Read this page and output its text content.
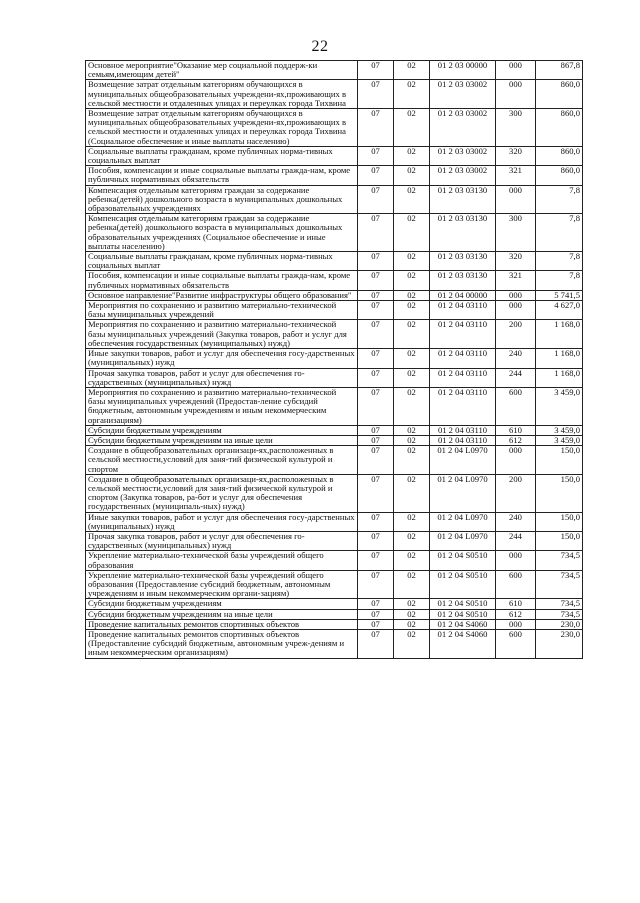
22
Основное мероприятие"Оказание мер социальной поддерж-ки семьям,имеющим детей"	07	02	01 2 03 00000	000	867,8
Возмещение затрат отдельным категориям обучающихся в муниципальных общеобразовательных учреждени-ях,проживающих в сельской местности и отдаленных улицах и переулках города Тихвина	07	02	01 2 03 03002	000	860,0
Возмещение затрат отдельным категориям обучающихся в муниципальных общеобразовательных учреждени-ях,проживающих в сельской местности и отдаленных улицах и переулках города Тихвина (Социальное обеспечение и иные выплаты населению)	07	02	01 2 03 03002	300	860,0
Социальные выплаты гражданам, кроме публичных норма-тивных социальных выплат	07	02	01 2 03 03002	320	860,0
Пособия, компенсации и иные социальные выплаты гражда-нам, кроме публичных нормативных обязательств	07	02	01 2 03 03002	321	860,0
Компенсация отдельным категориям граждан за содержание ребенка(детей) дошкольного возраста в муниципальных дошкольных образовательных учреждениях	07	02	01 2 03 03130	000	7,8
Компенсация отдельным категориям граждан за содержание ребенка(детей) дошкольного возраста в муниципальных дошкольных образовательных учреждениях (Социальное обеспечение и иные выплаты населению)	07	02	01 2 03 03130	300	7,8
Социальные выплаты гражданам, кроме публичных норма-тивных социальных выплат	07	02	01 2 03 03130	320	7,8
Пособия, компенсации и иные социальные выплаты гражда-нам, кроме публичных нормативных обязательств	07	02	01 2 03 03130	321	7,8
Основное направление"Развитие инфраструктуры общего образования"	07	02	01 2 04 00000	000	5 741,5
Мероприятия по сохранению и развитию материально-технической базы муниципальных учреждений	07	02	01 2 04 03110	000	4 627,0
Мероприятия по сохранению и развитию материально-технической базы муниципальных учреждений (Закупка товаров, работ и услуг для обеспечения государственных (муниципальных) нужд)	07	02	01 2 04 03110	200	1 168,0
Иные закупки товаров, работ и услуг для обеспечения госу-дарственных (муниципальных) нужд	07	02	01 2 04 03110	240	1 168,0
Прочая закупка товаров, работ и услуг для обеспечения го-сударственных (муниципальных) нужд	07	02	01 2 04 03110	244	1 168,0
Мероприятия по сохранению и развитию материально-технической базы муниципальных учреждений (Предостав-ление субсидий бюджетным, автономным учреждениям и иным некоммерческим организациям)	07	02	01 2 04 03110	600	3 459,0
Субсидии бюджетным учреждениям	07	02	01 2 04 03110	610	3 459,0
Субсидии бюджетным учреждениям на иные цели	07	02	01 2 04 03110	612	3 459,0
Создание в общеобразовательных организаци-ях,расположенных в сельской местности,условий для заня-тий физической культурой и спортом	07	02	01 2 04 L0970	000	150,0
Создание в общеобразовательных организаци-ях,расположенных в сельской местности,условий для заня-тий физической культурой и спортом (Закупка товаров, ра-бот и услуг для обеспечения государственных (муниципаль-ных) нужд)	07	02	01 2 04 L0970	200	150,0
Иные закупки товаров, работ и услуг для обеспечения госу-дарственных (муниципальных) нужд	07	02	01 2 04 L0970	240	150,0
Прочая закупка товаров, работ и услуг для обеспечения го-сударственных (муниципальных) нужд	07	02	01 2 04 L0970	244	150,0
Укрепление материально-технической базы учреждений общего образования	07	02	01 2 04 S0510	000	734,5
Укрепление материально-технической базы учреждений общего образования (Предоставление субсидий бюджетным, автономным учреждениям и иным некоммерческим органи-зациям)	07	02	01 2 04 S0510	600	734,5
Субсидии бюджетным учреждениям	07	02	01 2 04 S0510	610	734,5
Субсидии бюджетным учреждениям на иные цели	07	02	01 2 04 S0510	612	734,5
Проведение капитальных ремонтов спортивных объектов	07	02	01 2 04 S4060	000	230,0
Проведение капитальных ремонтов спортивных объектов (Предоставление субсидий бюджетным, автономным учреж-дениям и иным некоммерческим организациям)	07	02	01 2 04 S4060	600	230,0
